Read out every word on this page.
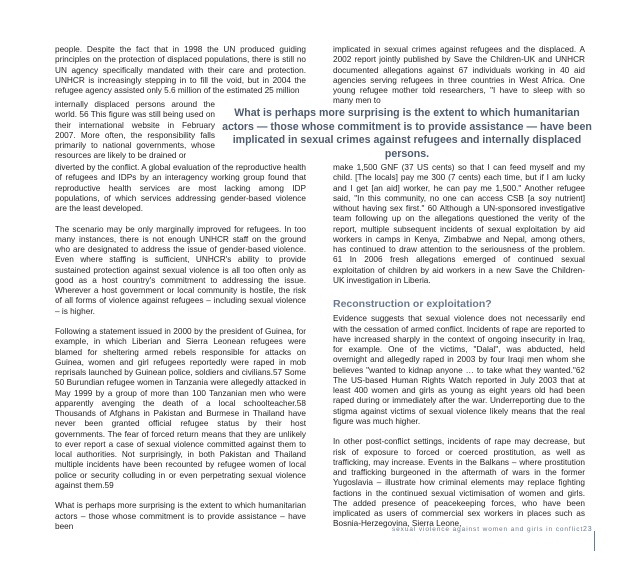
people. Despite the fact that in 1998 the UN produced guiding principles on the protection of displaced populations, there is still no UN agency specifically mandated with their care and protection. UNHCR is increasingly stepping in to fill the void, but in 2004 the refugee agency assisted only 5.6 million of the estimated 25 million

implicated in sexual crimes against refugees and the displaced. A 2002 report jointly published by Save the Children-UK and UNHCR documented allegations against 67 individuals working in 40 aid agencies serving refugees in three countries in West Africa. One young refugee mother told researchers, "I have to sleep with so many men to

internally displaced persons around the world. 56 This figure was still being used on their international website in February 2007. More often, the responsibility falls primarily to national governments, whose resources are likely to be drained or

What is perhaps more surprising is the extent to which humanitarian actors — those whose commitment is to provide assistance — have been implicated in sexual crimes against refugees and internally displaced persons.

diverted by the conflict. A global evaluation of the reproductive health of refugees and IDPs by an interagency working group found that reproductive health services are most lacking among IDP populations, of which services addressing gender-based violence are the least developed.

The scenario may be only marginally improved for refugees. In too many instances, there is not enough UNHCR staff on the ground who are designated to address the issue of gender-based violence. Even where staffing is sufficient, UNHCR's ability to provide sustained protection against sexual violence is all too often only as good as a host country's commitment to addressing the issue. Wherever a host government or local community is hostile, the risk of all forms of violence against refugees – including sexual violence – is higher.

Following a statement issued in 2000 by the president of Guinea, for example, in which Liberian and Sierra Leonean refugees were blamed for sheltering armed rebels responsible for attacks on Guinea, women and girl refugees reportedly were raped in mob reprisals launched by Guinean police, soldiers and civilians.57 Some 50 Burundian refugee women in Tanzania were allegedly attacked in May 1999 by a group of more than 100 Tanzanian men who were apparently avenging the death of a local schoolteacher.58 Thousands of Afghans in Pakistan and Burmese in Thailand have never been granted official refugee status by their host governments. The fear of forced return means that they are unlikely to ever report a case of sexual violence committed against them to local authorities. Not surprisingly, in both Pakistan and Thailand multiple incidents have been recounted by refugee women of local police or security colluding in or even perpetrating sexual violence against them.59

What is perhaps more surprising is the extent to which humanitarian actors – those whose commitment is to provide assistance – have been

make 1,500 GNF (37 US cents) so that I can feed myself and my child. [The locals] pay me 300 (7 cents) each time, but if I am lucky and I get [an aid] worker, he can pay me 1,500." Another refugee said, "In this community, no one can access CSB [a soy nutrient] without having sex first." 60 Although a UN-sponsored investigative team following up on the allegations questioned the verity of the report, multiple subsequent incidents of sexual exploitation by aid workers in camps in Kenya, Zimbabwe and Nepal, among others, has continued to draw attention to the seriousness of the problem. 61 In 2006 fresh allegations emerged of continued sexual exploitation of children by aid workers in a new Save the Children-UK investigation in Liberia.

Reconstruction or exploitation?

Evidence suggests that sexual violence does not necessarily end with the cessation of armed conflict. Incidents of rape are reported to have increased sharply in the context of ongoing insecurity in Iraq, for example. One of the victims, "Dalal", was abducted, held overnight and allegedly raped in 2003 by four Iraqi men whom she believes "wanted to kidnap anyone … to take what they wanted."62 The US-based Human Rights Watch reported in July 2003 that at least 400 women and girls as young as eight years old had been raped during or immediately after the war. Underreporting due to the stigma against victims of sexual violence likely means that the real figure was much higher.

In other post-conflict settings, incidents of rape may decrease, but risk of exposure to forced or coerced prostitution, as well as trafficking, may increase. Events in the Balkans – where prostitution and trafficking burgeoned in the aftermath of wars in the former Yugoslavia – illustrate how criminal elements may replace fighting factions in the continued sexual victimisation of women and girls. The added presence of peacekeeping forces, who have been implicated as users of commercial sex workers in places such as Bosnia-Herzegovina, Sierra Leone,

sexual violence against women and girls in conflict 23
